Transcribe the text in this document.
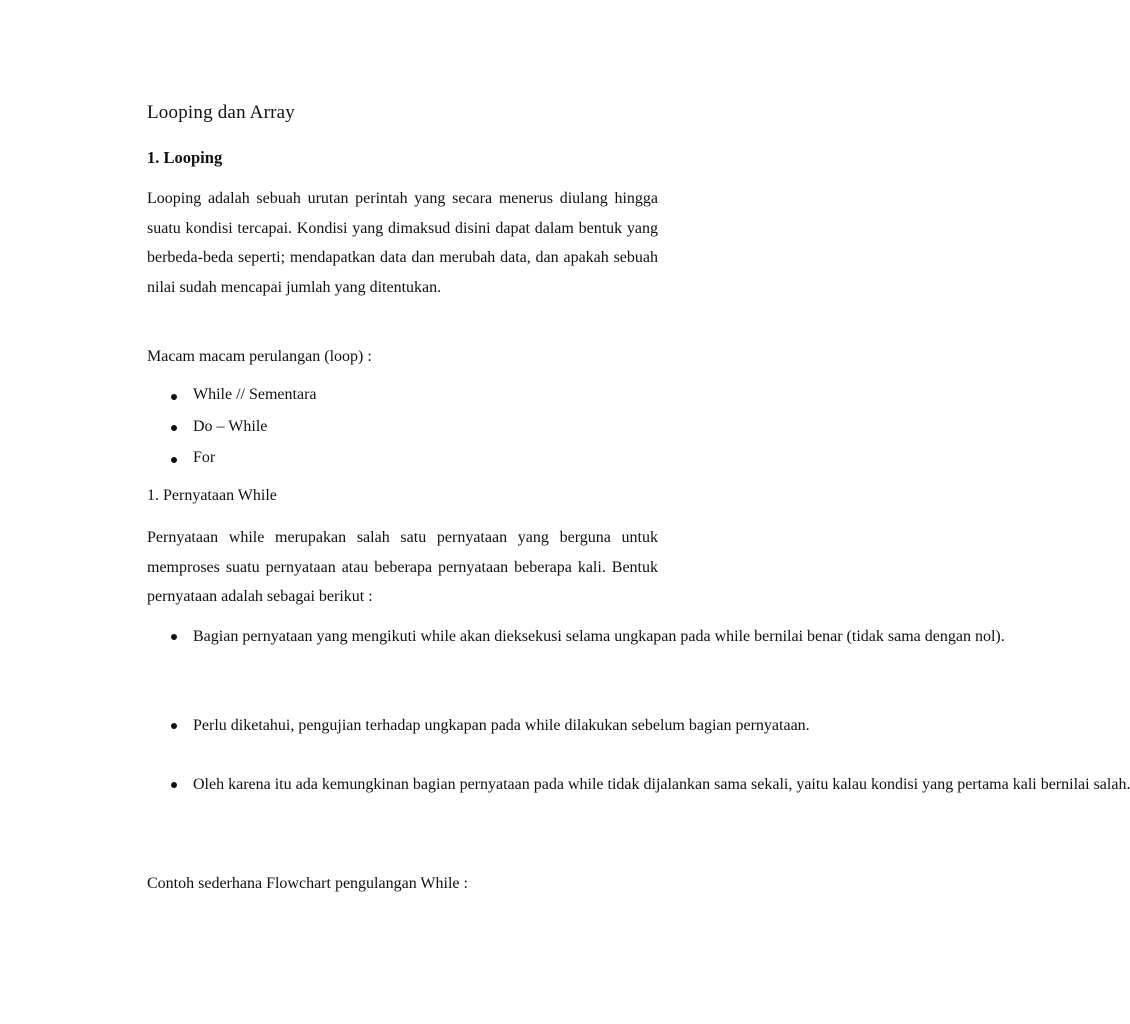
Looping dan Array
1. Looping

Looping adalah sebuah urutan perintah yang secara menerus diulang hingga suatu kondisi tercapai. Kondisi yang dimaksud disini dapat dalam bentuk yang berbeda-beda seperti; mendapatkan data dan merubah data, dan apakah sebuah nilai sudah mencapai jumlah yang ditentukan.

Macam macam perulangan (loop) :

While // Sementara
Do – While
For

1. Pernyataan While

Pernyataan while merupakan salah satu pernyataan yang berguna untuk memproses suatu pernyataan atau beberapa pernyataan beberapa kali. Bentuk pernyataan adalah sebagai berikut :

Bagian pernyataan yang mengikuti while akan dieksekusi selama ungkapan pada while bernilai benar (tidak sama dengan nol).
Perlu diketahui, pengujian terhadap ungkapan pada while dilakukan sebelum bagian pernyataan.
Oleh karena itu ada kemungkinan bagian pernyataan pada while tidak dijalankan sama sekali, yaitu kalau kondisi yang pertama kali bernilai salah.

Contoh sederhana Flowchart pengulangan While :
